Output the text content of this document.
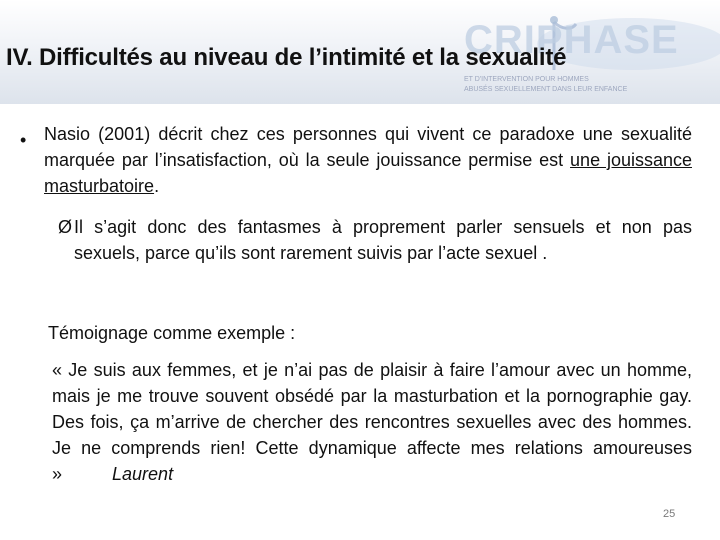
CRIPHASE
ET D'INTERVENTION POUR HOMMES
ABUSÉS SEXUELLEMENT DANS LEUR ENFANCE
IV. Difficultés au niveau de l’intimité et la sexualité
• Nasio (2001) décrit chez ces personnes qui vivent ce paradoxe une sexualité marquée par l’insatisfaction, où la seule jouissance permise est une jouissance masturbatoire.
Ø Il s’agit donc des fantasmes à proprement parler sensuels et non pas sexuels, parce qu’ils sont rarement suivis par l’acte sexuel .
Témoignage comme exemple :
« Je suis aux femmes, et je n’ai pas de plaisir à faire l’amour avec un homme, mais je me trouve souvent obsédé par la masturbation et la pornographie gay. Des fois, ça m’arrive de chercher des rencontres sexuelles avec des hommes. Je ne comprends rien! Cette dynamique affecte mes relations amoureuses »	Laurent
25
